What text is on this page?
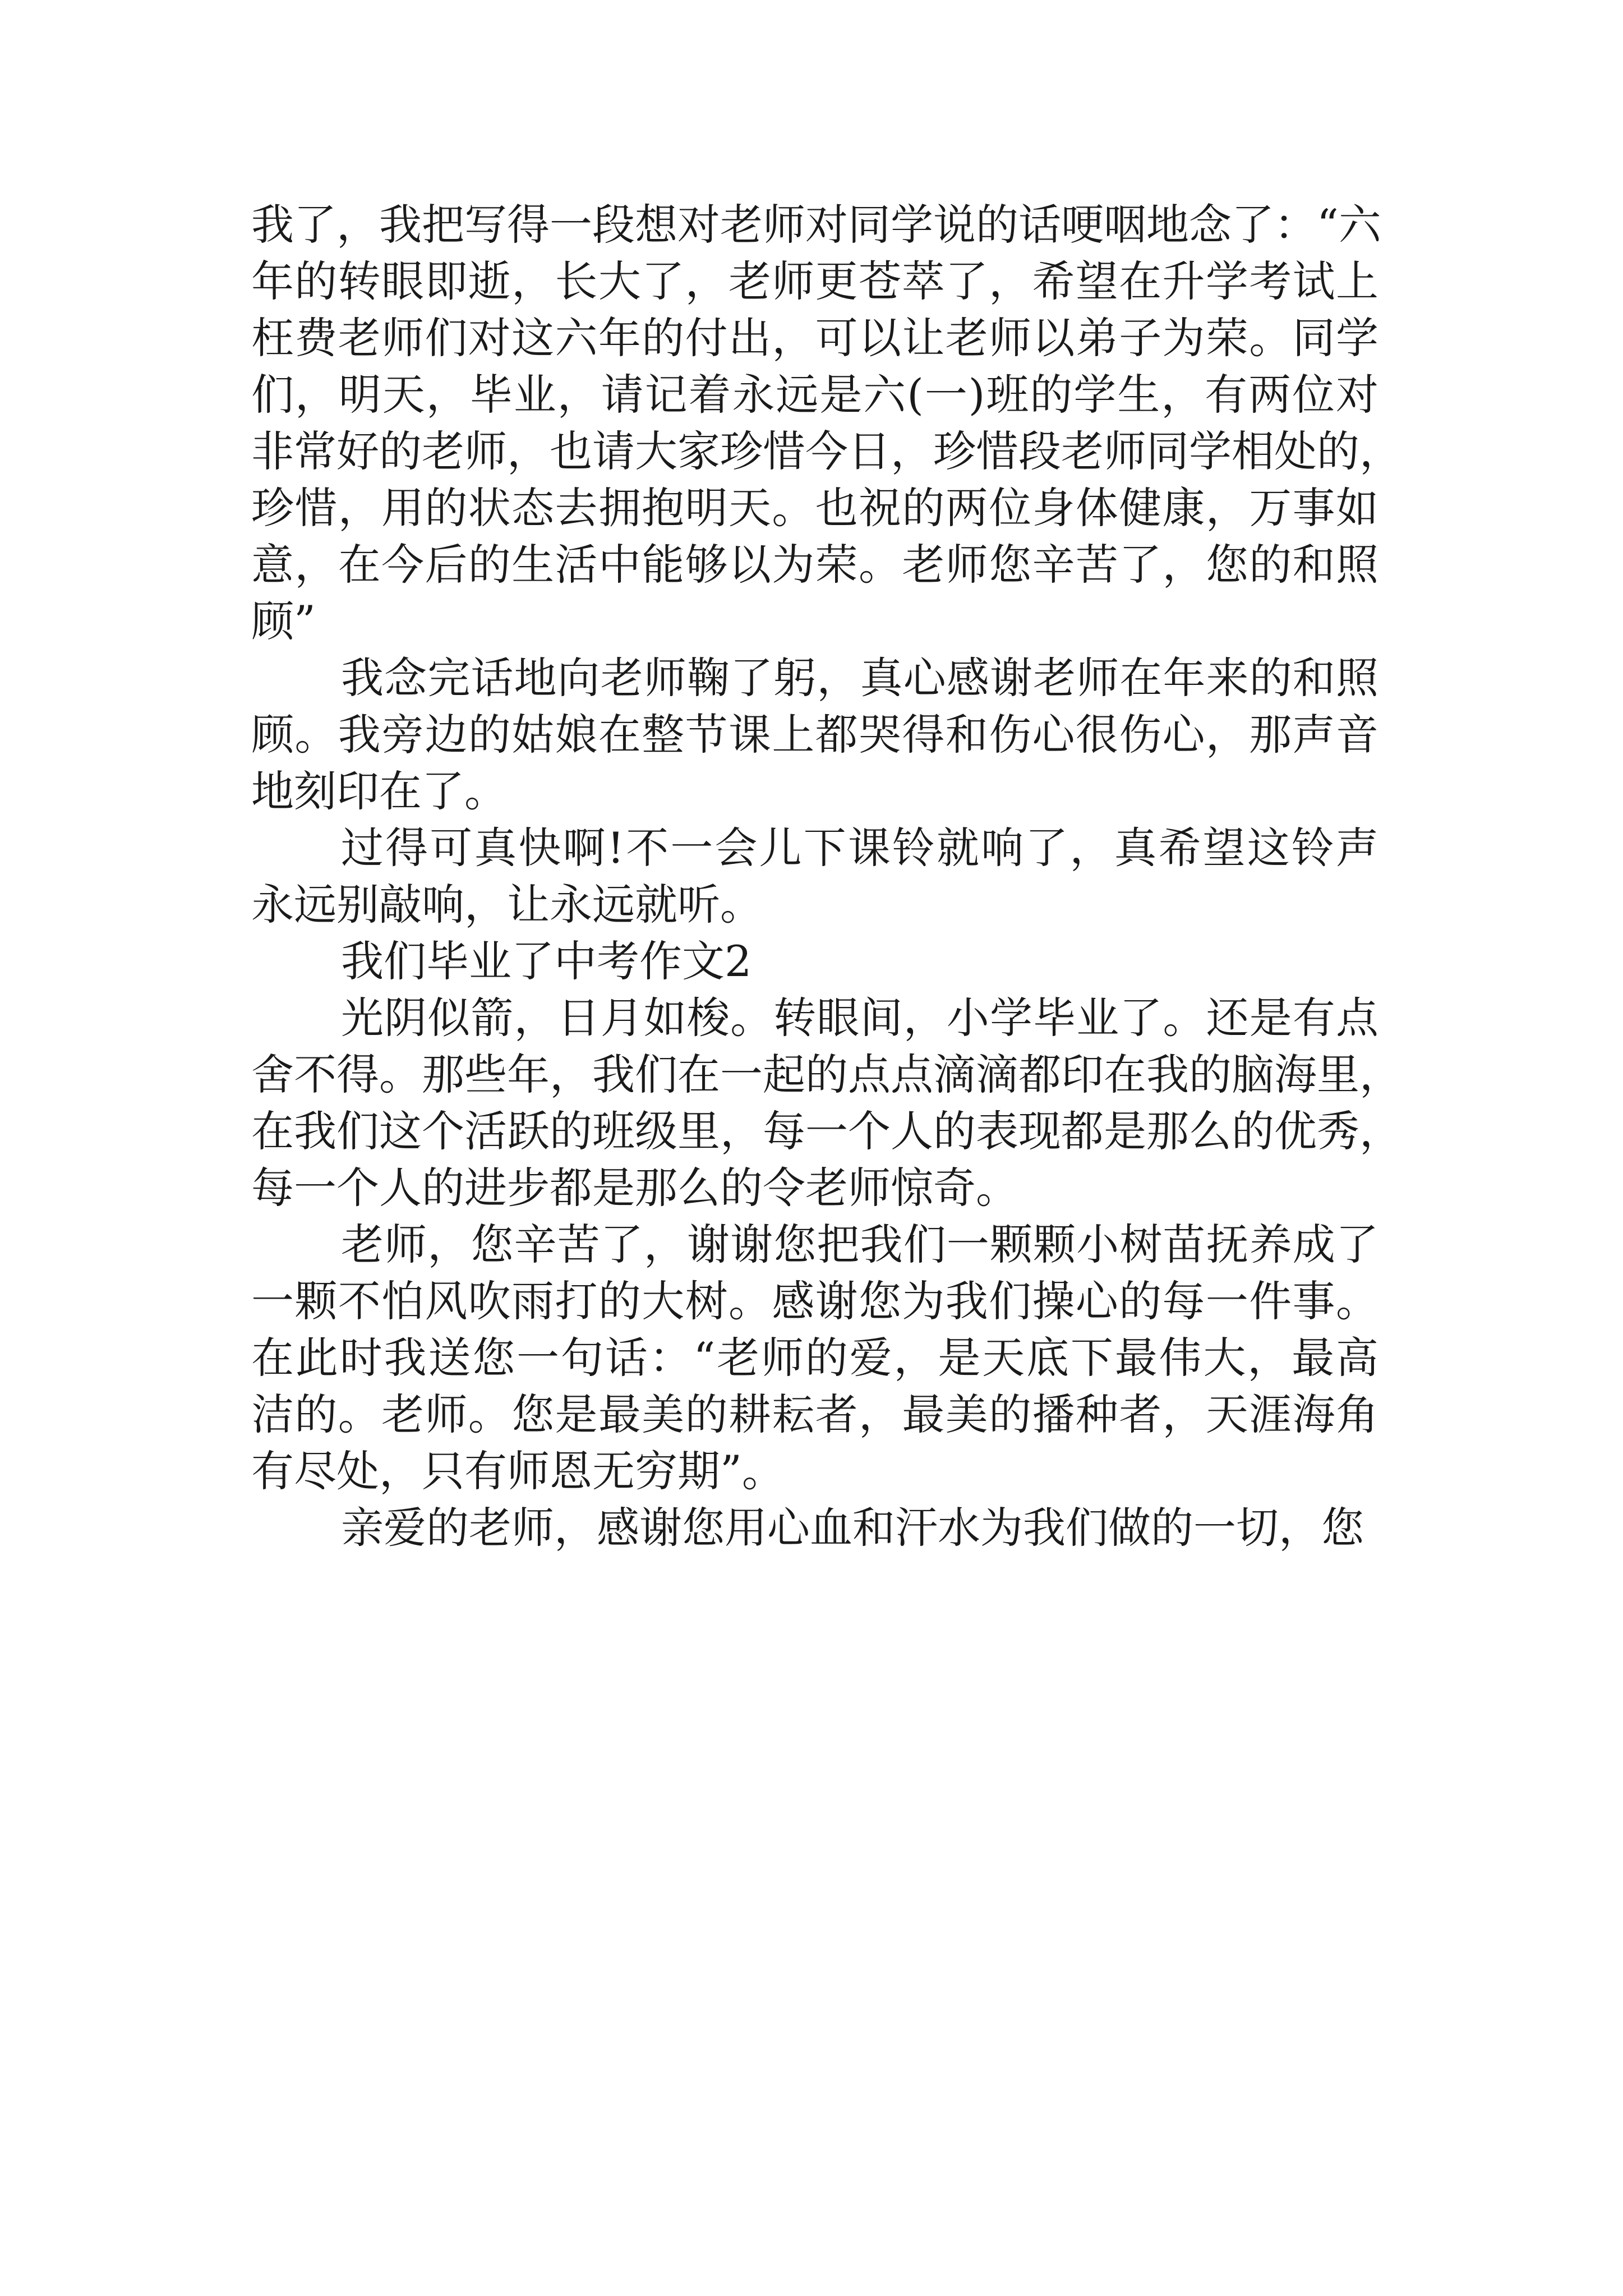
我了，我把写得一段想对老师对同学说的话哽咽地念了：“六
年的转眼即逝，长大了，老师更苍萃了，希望在升学考试上
枉费老师们对这六年的付出，可以让老师以弟子为荣。同学
们，明天，毕业，请记着永远是六(一)班的学生，有两位对
非常好的老师，也请大家珍惜今日，珍惜段老师同学相处的，
珍惜，用的状态去拥抱明天。也祝的两位身体健康，万事如
意，在今后的生活中能够以为荣。老师您辛苦了，您的和照
顾”
我念完话地向老师鞠了躬，真心感谢老师在年来的和照
顾。我旁边的姑娘在整节课上都哭得和伤心很伤心，那声音
地刻印在了。
过得可真快啊!不一会儿下课铃就响了，真希望这铃声
永远别敲响，让永远就听。
我们毕业了中考作文2
光阴似箭，日月如梭。转眼间，小学毕业了。还是有点
舍不得。那些年，我们在一起的点点滴滴都印在我的脑海里，
在我们这个活跃的班级里，每一个人的表现都是那么的优秀，
每一个人的进步都是那么的令老师惊奇。
老师，您辛苦了，谢谢您把我们一颗颗小树苗抚养成了
一颗不怕风吹雨打的大树。感谢您为我们操心的每一件事。
在此时我送您一句话：“老师的爱，是天底下最伟大，最高
洁的。老师。您是最美的耕耘者，最美的播种者，天涯海角
有尽处，只有师恩无穷期”。
亲爱的老师，感谢您用心血和汗水为我们做的一切，您
